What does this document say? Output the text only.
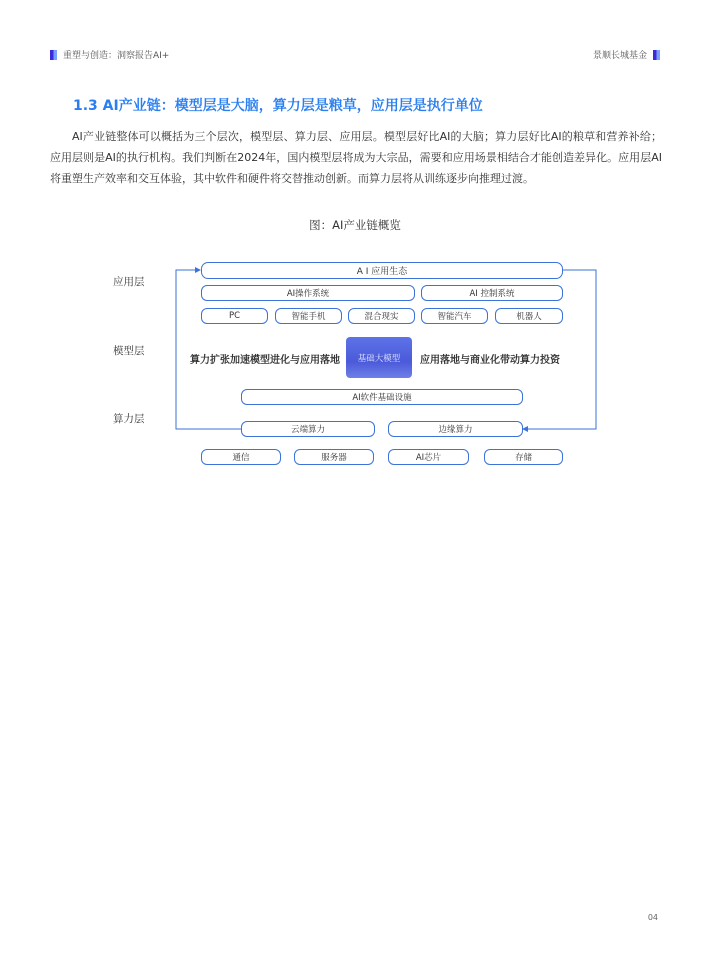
重塑与创造：洞察报告AI+	景顺长城基金
1.3 AI产业链：模型层是大脑，算力层是粮草，应用层是执行单位

AI产业链整体可以概括为三个层次，模型层、算力层、应用层。模型层好比AI的大脑；算力层好比AI的粮草和营养补给；应用层则是AI的执行机构。我们判断在2024年，国内模型层将成为大宗品，需要和应用场景相结合才能创造差异化。应用层AI将重塑生产效率和交互体验，其中软件和硬件将交替推动创新。而算力层将从训练逐步向推理过渡。

图：AI产业链概览
应用层
模型层
算力层
A I 应用生态
AI操作系统	AI 控制系统
PC	智能手机	混合现实	智能汽车	机器人
算力扩张加速模型进化与应用落地	基础大模型	应用落地与商业化带动算力投资
AI软件基础设施
云端算力	边缘算力
通信	服务器	AI芯片	存储
04
